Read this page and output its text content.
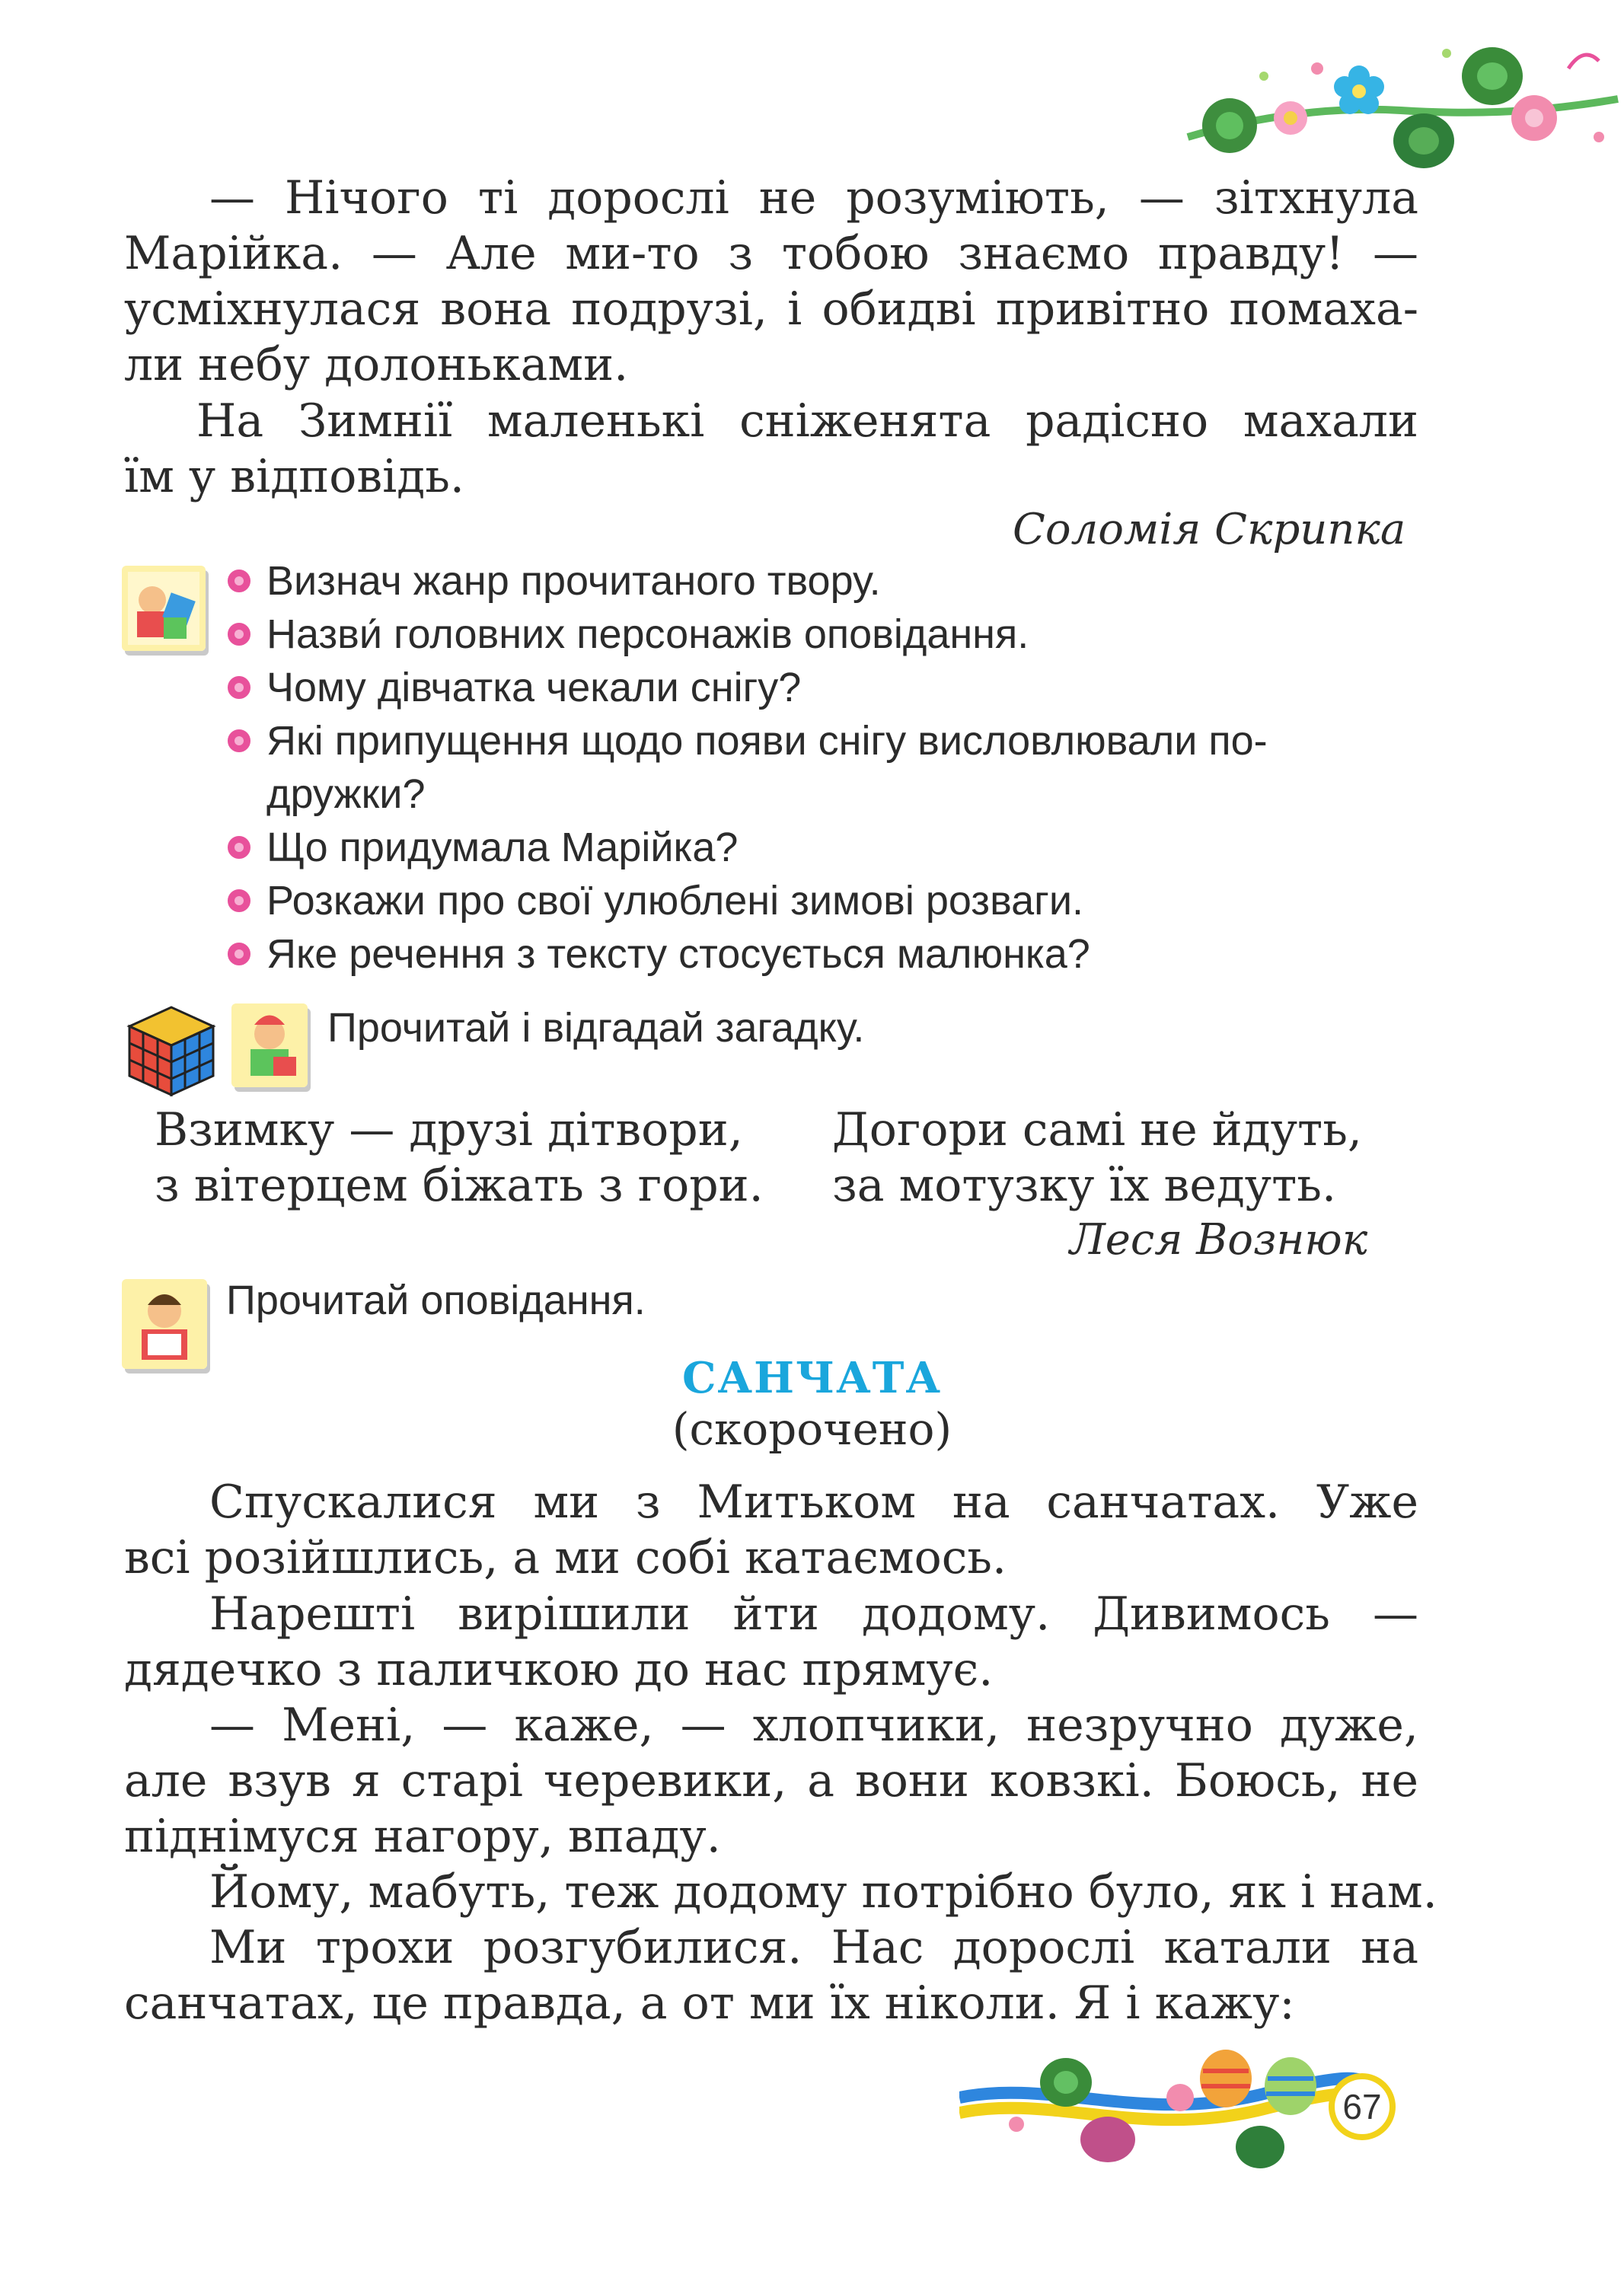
— Нічого ті дорослі не розуміють, — зітхнула
Марійка. — Але ми-то з тобою знаємо правду! —
усміхнулася вона подрузі, і обидві привітно помаха-
ли небу долоньками.

На Зимнії маленькі сніженята радісно махали
їм у відповідь.

Соломія Скрипка
Визнач жанр прочитаного твору.
Назви́ головних персонажів оповідання.
Чому дівчатка чекали снігу?
Які припущення щодо появи снігу висловлювали по-
дружки?
Що придумала Марійка?
Розкажи про свої улюблені зимові розваги.
Яке речення з тексту стосується малюнка?
Прочитай і відгадай загадку.
Взимку — друзі дітвори,
з вітерцем біжать з гори.
Догори самі не йдуть,
за мотузку їх ведуть.
Леся Вознюк
Прочитай оповідання.
САНЧАТА
(скорочено)

Спускалися ми з Митьком на санчатах. Уже
всі розійшлись, а ми собі катаємось.

Нарешті вирішили йти додому. Дивимось —
дядечко з паличкою до нас прямує.

— Мені, — каже, — хлопчики, незручно дуже,
але взув я старі черевики, а вони ковзкі. Боюсь, не
піднімуся нагору, впаду.

Йому, мабуть, теж додому потрібно було, як і нам.

Ми трохи розгубилися. Нас дорослі катали на
санчатах, це правда, а от ми їх ніколи. Я і кажу:

67
